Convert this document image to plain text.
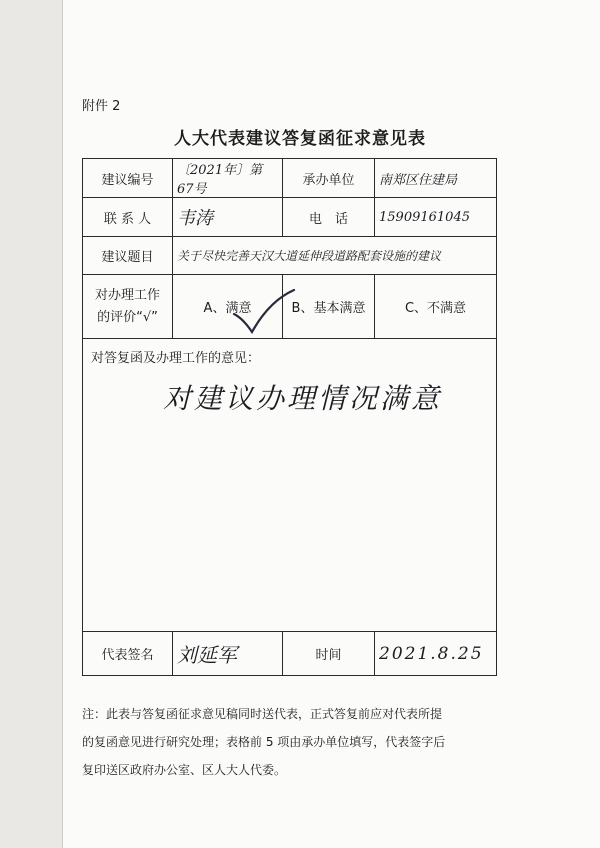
附件 2
人大代表建议答复函征求意见表
建议编号	〔2021年〕第67号	承办单位	南郑区住建局
联 系 人	韦涛	电　话	15909161045
建议题目	关于尽快完善天汉大道延伸段道路配套设施的建议		

对办理工作
的评价“√”	A、满意	B、基本满意	C、不满意

对答复函及办理工作的意见：
对建议办理情况满意			

代表签名	刘延军	时间	2021.8.25
注：此表与答复函征求意见稿同时送代表，正式答复前应对代表所提
的复函意见进行研究处理；表格前 5 项由承办单位填写，代表签字后
复印送区政府办公室、区人大人代委。
